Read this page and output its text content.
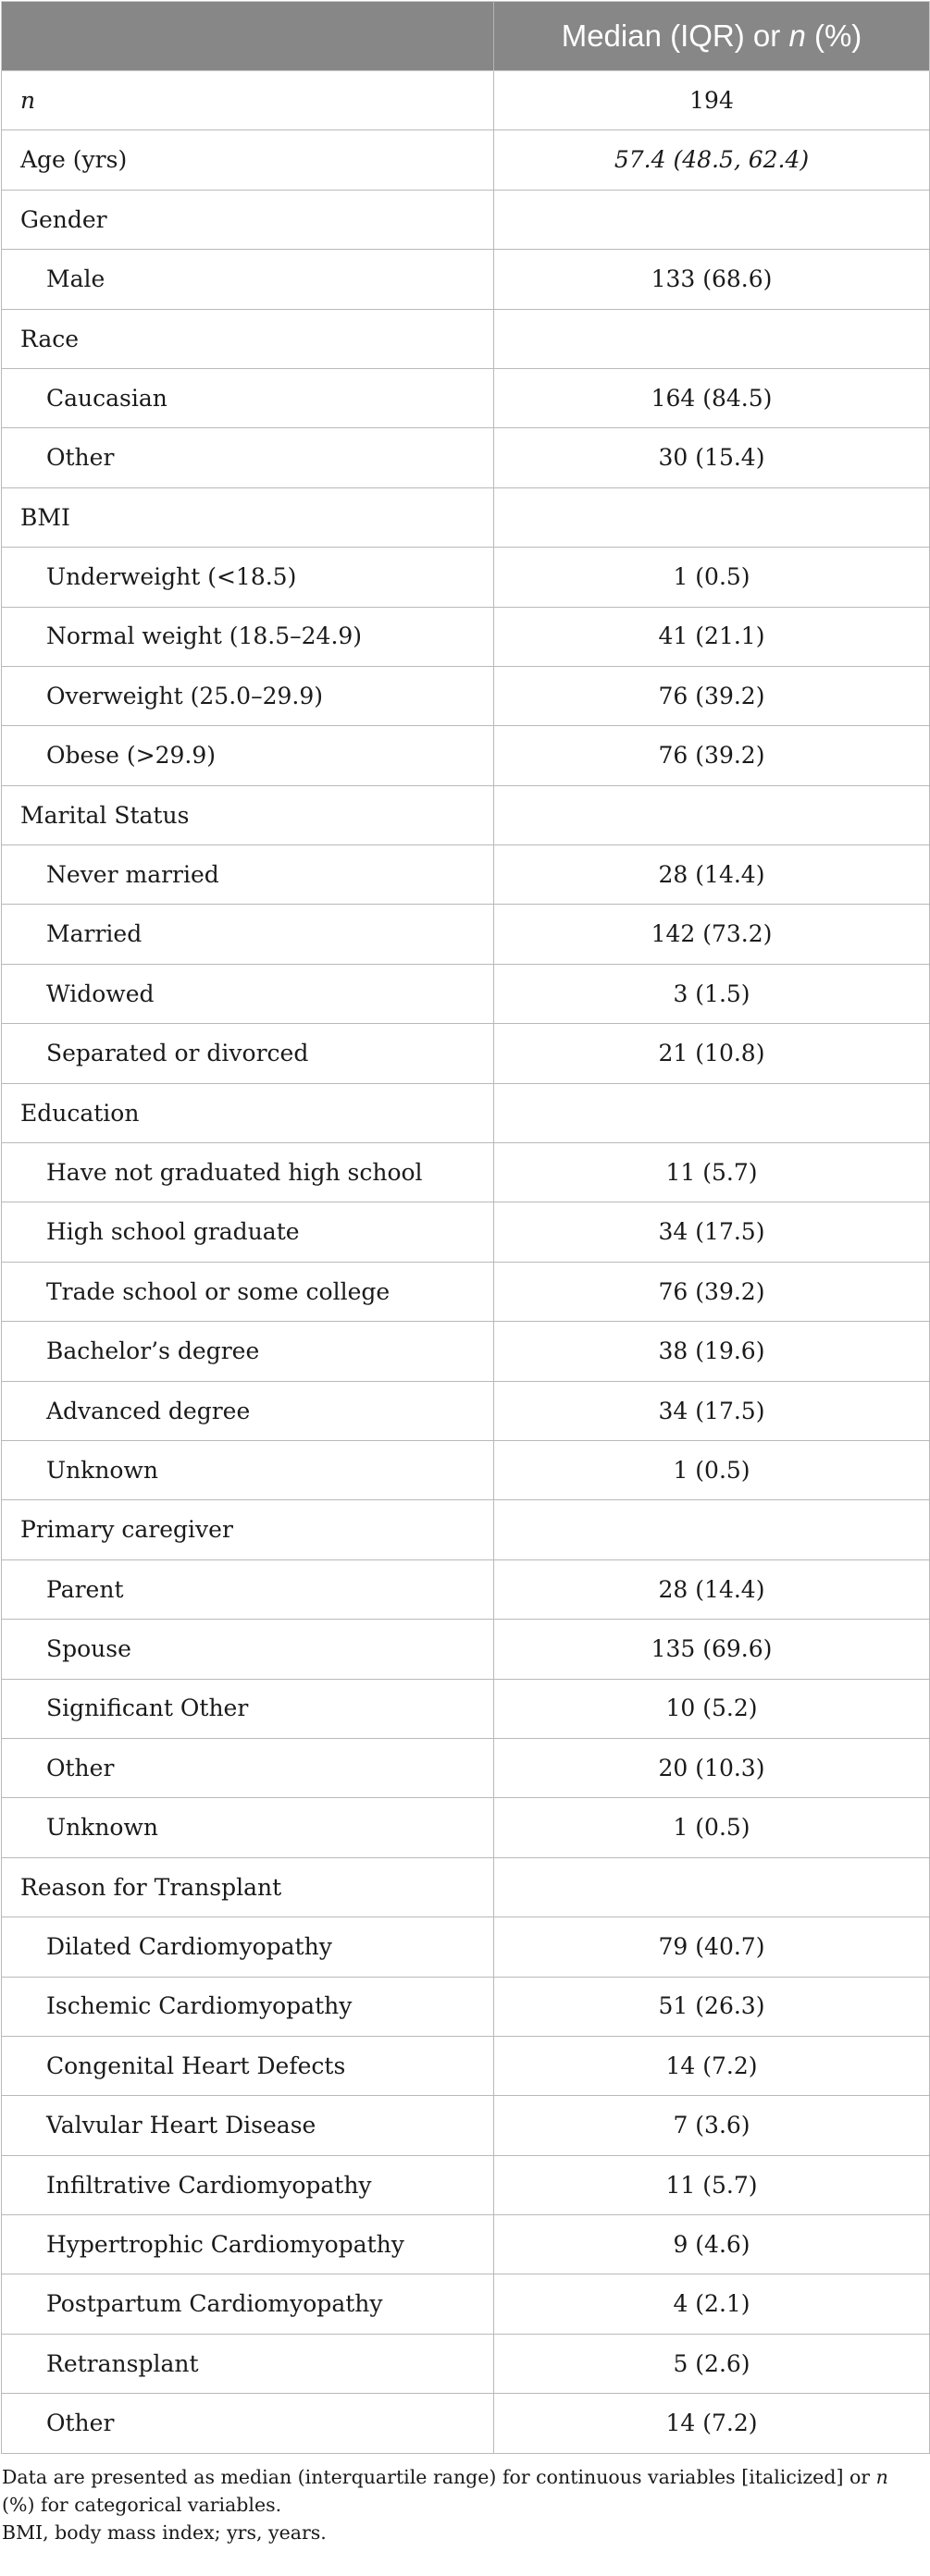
	Median (IQR) or n (%)
n	194
Age (yrs)	57.4 (48.5, 62.4)
Gender	
Male	133 (68.6)
Race	
Caucasian	164 (84.5)
Other	30 (15.4)
BMI	
Underweight (<18.5)	1 (0.5)
Normal weight (18.5–24.9)	41 (21.1)
Overweight (25.0–29.9)	76 (39.2)
Obese (>29.9)	76 (39.2)
Marital Status	
Never married	28 (14.4)
Married	142 (73.2)
Widowed	3 (1.5)
Separated or divorced	21 (10.8)
Education	
Have not graduated high school	11 (5.7)
High school graduate	34 (17.5)
Trade school or some college	76 (39.2)
Bachelor’s degree	38 (19.6)
Advanced degree	34 (17.5)
Unknown	1 (0.5)
Primary caregiver	
Parent	28 (14.4)
Spouse	135 (69.6)
Significant Other	10 (5.2)
Other	20 (10.3)
Unknown	1 (0.5)
Reason for Transplant	
Dilated Cardiomyopathy	79 (40.7)
Ischemic Cardiomyopathy	51 (26.3)
Congenital Heart Defects	14 (7.2)
Valvular Heart Disease	7 (3.6)
Infiltrative Cardiomyopathy	11 (5.7)
Hypertrophic Cardiomyopathy	9 (4.6)
Postpartum Cardiomyopathy	4 (2.1)
Retransplant	5 (2.6)
Other	14 (7.2)

Data are presented as median (interquartile range) for continuous variables [italicized] or n (%) for categorical variables.

BMI, body mass index; yrs, years.
